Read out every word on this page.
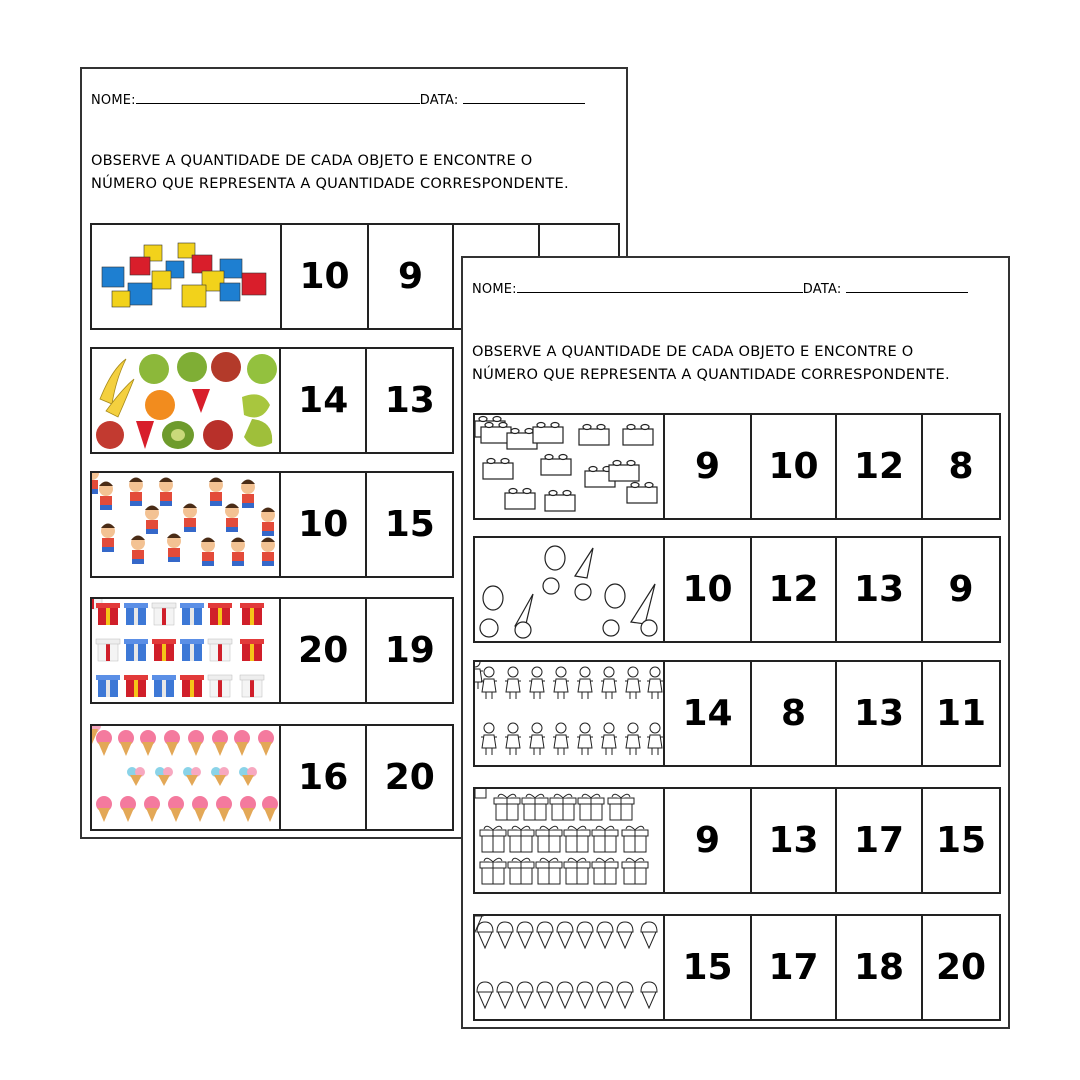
NOME:	DATA:
OBSERVE A QUANTIDADE DE CADA OBJETO E ENCONTRE O
NÚMERO QUE REPRESENTA A QUANTIDADE CORRESPONDENTE.
10	9
14	13
10	15
20	19
16	20
NOME:	DATA:
OBSERVE A QUANTIDADE DE CADA OBJETO E ENCONTRE O
NÚMERO QUE REPRESENTA A QUANTIDADE CORRESPONDENTE.
9	10 12	8
10 12 13	9
14	8	13 11
9	13 17 15
15 17 18 20
